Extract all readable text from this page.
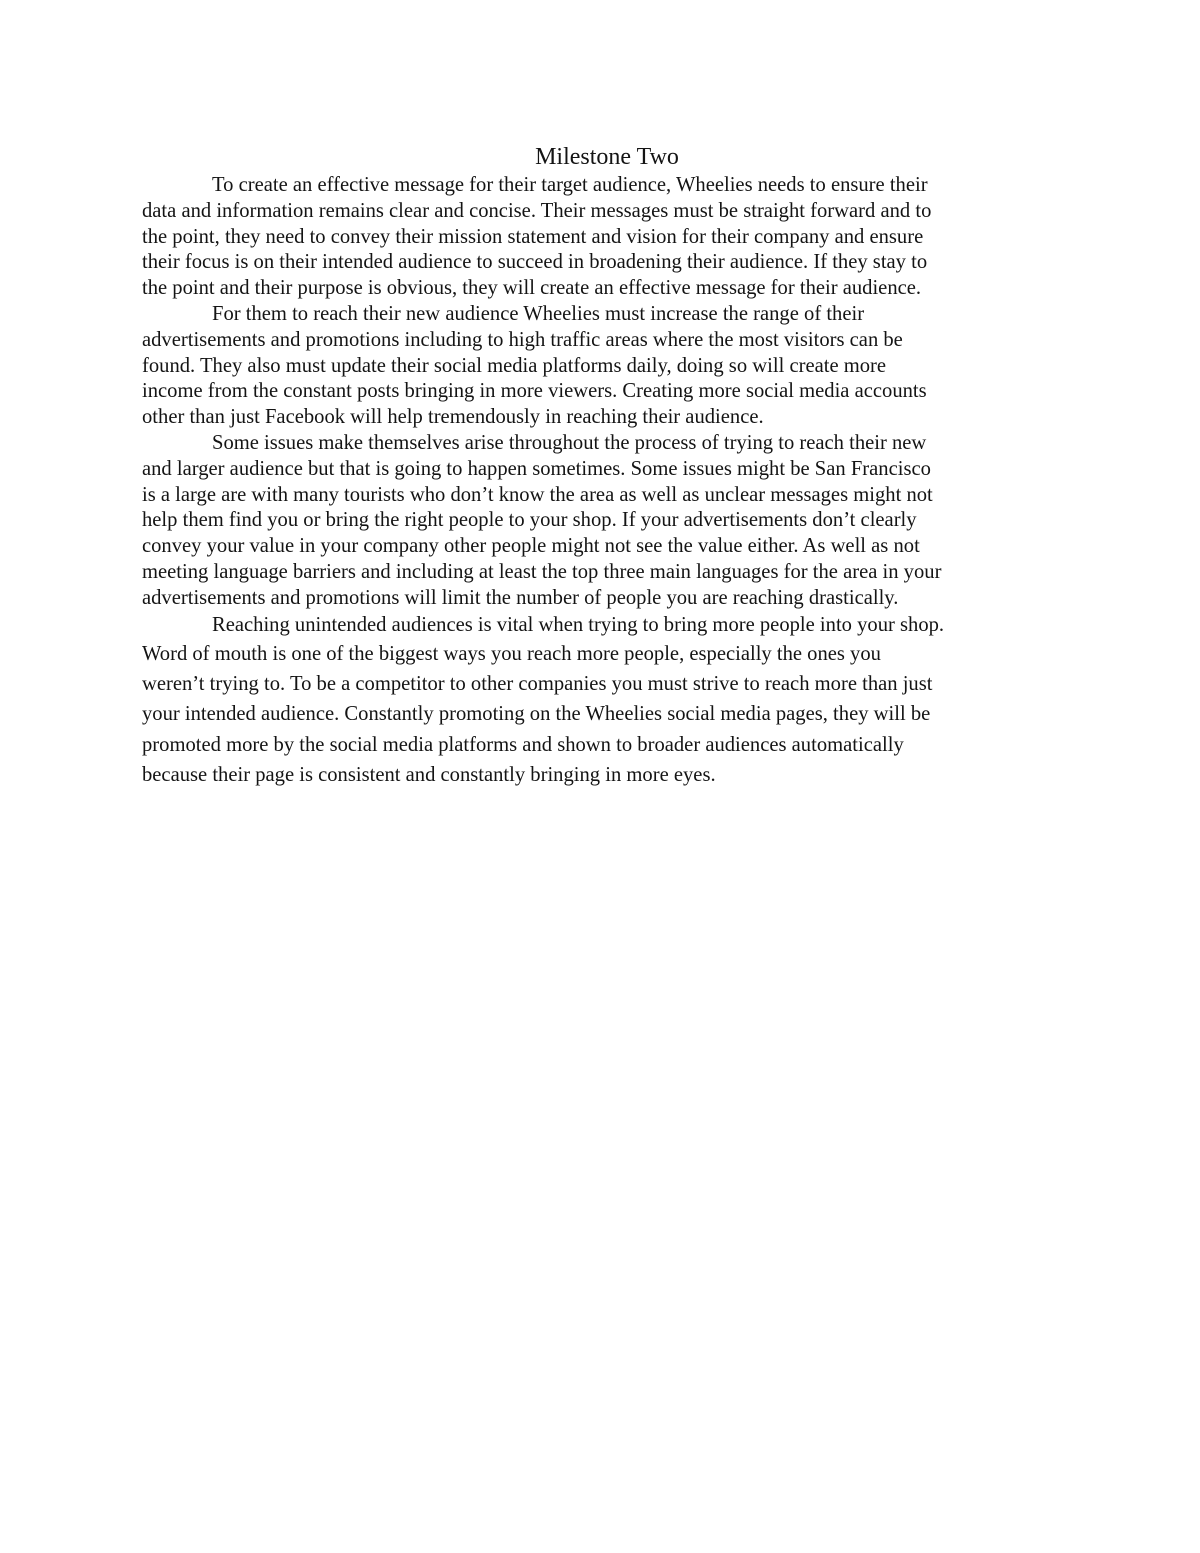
Milestone Two

To create an effective message for their target audience, Wheelies needs to ensure their
data and information remains clear and concise. Their messages must be straight forward and to
the point, they need to convey their mission statement and vision for their company and ensure
their focus is on their intended audience to succeed in broadening their audience. If they stay to
the point and their purpose is obvious, they will create an effective message for their audience.

For them to reach their new audience Wheelies must increase the range of their
advertisements and promotions including to high traffic areas where the most visitors can be
found. They also must update their social media platforms daily, doing so will create more
income from the constant posts bringing in more viewers. Creating more social media accounts
other than just Facebook will help tremendously in reaching their audience.

Some issues make themselves arise throughout the process of trying to reach their new
and larger audience but that is going to happen sometimes. Some issues might be San Francisco
is a large are with many tourists who don’t know the area as well as unclear messages might not
help them find you or bring the right people to your shop. If your advertisements don’t clearly
convey your value in your company other people might not see the value either. As well as not
meeting language barriers and including at least the top three main languages for the area in your
advertisements and promotions will limit the number of people you are reaching drastically.

Reaching unintended audiences is vital when trying to bring more people into your shop.
Word of mouth is one of the biggest ways you reach more people, especially the ones you
weren’t trying to. To be a competitor to other companies you must strive to reach more than just
your intended audience. Constantly promoting on the Wheelies social media pages, they will be
promoted more by the social media platforms and shown to broader audiences automatically
because their page is consistent and constantly bringing in more eyes.
